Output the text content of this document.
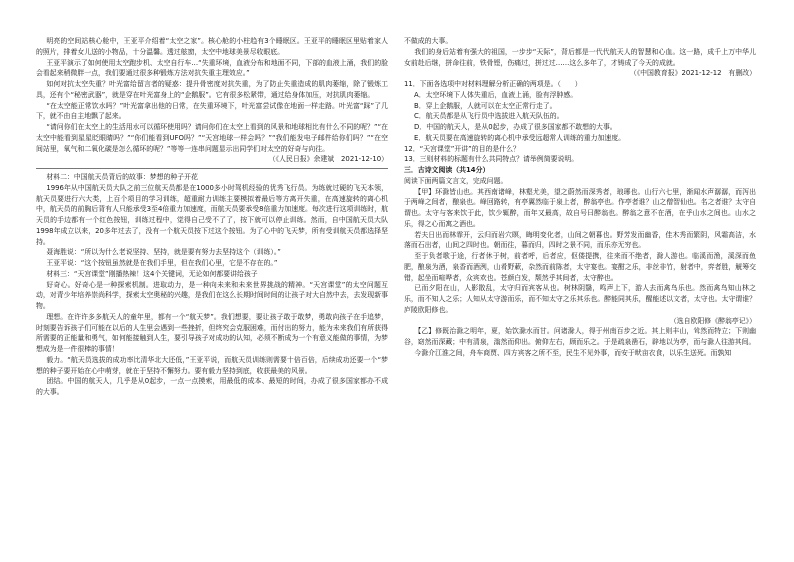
明亮的空间站核心舱中，王亚平介绍着“太空之家”。核心舱的小柱趋有3个睡眠区。王亚平的睡眠区里贴着家人的照片，排着女儿送的小物品，十分温馨。透过舷窗，太空中地球美景尽收眼底。

王亚平演示了如何使用太空跑步机、太空自行车…“失重环境，血液分布和地面不同，下部的血液上涌，我们的脸会看起来稍微胖一点，我们要通过很多种锻炼方法对抗失重主理效应。”

如何对抗太空失重？叶光富给留言者的疑惑：提升骨密度对抗失重，为了防止失重造成的肌肉萎缩，除了锻炼工具，还有个“秘密武器”，就是穿在叶光富身上的“企鹅服”。它有很多松紧带，通过给身体加压，对抗肌肉萎缩。

“在太空能正常饮水吗？”叶光富拿出他的日常，在失重环境下，叶光富尝试像在地面一样走路。叶光富“踩”了几下，就不由自主地飘了起来。

“请问你们在太空上的生活用水可以循环使用吗？请问你们在太空上看到的风景和地球相比有什么不同的呢？”“在太空中能看到星星眨眼睛吗？”“你们能看到UFO吗？”“天宫地球一样会吗？”“我们能发电子邮件给你们吗？”“在空间站里，氧气和二氧化碳是怎么循环的呢？”等等一连串问题显示出同学们对太空的好奇与向往。

（《人民日报》余建斌　2021-12-10）

材料二：中国航天员背后的故事：梦想的种子开花

1996年从中国航天员大队之前三位航天员都是在1000多小时驾机经验的优秀飞行员。为练就过硬的飞天本领，航天员要进行六大类，上百个项目的学习训练，超重耐力训练主要模拟着最后等方离开失重，在高速旋转的离心机中，航天员的前胸后背有人只能承受3至4倍重力加速度，而航天员要承受8倍重力加速度。每次进行这项训练时，航天员的手边都有一个红色按钮，训练过程中，觉得自己受不了了，按下就可以停止训练。然而，自中国航天员大队1998年成立以来，20多年过去了，没有一个航天员按下过这个按钮。为了心中的飞天梦，所有受训航天员都选择坚持。

聂海胜说：“所以为什么老说坚持、坚持，就是要有努力去坚持这个（训练）。”

王亚平说：“这个按钮虽然就是在我们手里，但在我们心里，它是不存在的。”

材料三：“天宫课堂”刚播热辣！这4个关键词，无论如何都要讲给孩子

好奇心。好奇心是一种探索机制。进取动力，是一种向未来和未来世界挑战的精神。“天宫课堂”的太空问题互动，对青少年培养崇尚科学，探索太空奥秘的兴趣，是我们在这么长期时间时间的让孩子对大自然中去，去发现新事物。

理想。在许许多多航天人的童年里，都有一个“航天梦”。我们想要，要让孩子敢于敢梦，勇敢向孩子在手追梦，时刻要告诉孩子们可能在以后的人生里会遇到一些挫折，但终究会克服困难，而付出的努力，能为未来我们有所获得所需要的正能量和勇气，如何能接触到人生，要引导孩子对成功的认知，必须不断成为一个有意义能做的事情，为梦想成为是一件很棒的事情！

毅力。“航天员选拔的成功率比清华北大还低，”王亚平说，而航天员训练则需要十倍百倍，后续成功还要一个“梦想的种子要开始在心中萌芽，就在于坚持不懈努力。要有毅力坚持到底，收获最美的风景。

团结。中国的航天人，几乎是从0起步，一点一点摸索，用最低的成本、最短的时间，办成了很多国家都办不成的大事。

不做成的大事。

我们的身后站着有强大的祖国，一步步“天际”，背后都是一代代航天人的智慧和心血。这一路，成千上万中华儿女前赴后继，拼命往前，铁骨铿，伤痛过，拼过过……这么多年了，才铸成了今天的成就。

（《中国教育报》2021-12-12　有删改）

11．下面各选项中对材料理解分析正确的两项是。（　　）

A．太空环境下人体失重后，血液上涌，脸有浮肿感。

B．穿上企鹅服，人就可以在太空正常行走了。

C．航天员都是从飞行员中选拔进入航天队伍的。

D．中国的航天人，是从0起步，办成了很多国家都不敢想的大事。

E．航天员要在高速旋转的离心机中承受远超常人训练的重力加速度。

12．“天宫课堂”开讲”的目的是什么？

13．三则材料的标题有什么共同特点？请举例简要说明。

三．古诗文阅读（共14分）

阅读下面两篇文言文，完成问题。

【甲】环滁皆山也。其西南诸峰，林壑尤美，望之蔚然而深秀者，琅琊也。山行六七里，渐闻水声潺潺，而泻出于两峰之间者，酿泉也。峰回路转，有亭翼然临于泉上者，醉翁亭也。作亭者谁？山之僧智仙也。名之者谁？太守自谓也。太守与客来饮于此，饮少辄醉，而年又最高，故自号曰醉翁也。醉翁之意不在酒，在乎山水之间也。山水之乐，得之心而寓之酒也。

若夫日出而林霏开，云归而岩穴暝，晦明变化者，山间之朝暮也。野芳发而幽香，佳木秀而繁阴，风霜高洁，水落而石出者，山间之四时也。朝而往，暮而归，四时之景不同，而乐亦无穷也。

至于负者歌于途，行者休于树，前者呼，后者应，伛偻提携，往来而不绝者，滁人游也。临溪而渔，溪深而鱼肥，酿泉为酒，泉香而酒洌，山肴野蔌，杂然而前陈者，太守宴也。宴酣之乐，非丝非竹，射者中，弈者胜，觥筹交错，起坐而喧哗者，众宾欢也。苍颜白发，颓然乎其间者，太守醉也。

已而夕阳在山，人影散乱，太守归而宾客从也。树林阴翳，鸣声上下，游人去而禽鸟乐也。然而禽鸟知山林之乐，而不知人之乐；人知从太守游而乐，而不知太守之乐其乐也。醉能同其乐，醒能述以文者，太守也。太守谓谁？庐陵欧阳修也。

（选自欧阳修《醉翁亭记》）

【乙】修既治滁之明年，夏，始饮滁水而甘。问诸滁人，得于州南百步之近。其上则丰山，耸然而特立；下则幽谷，窈然而深藏；中有清泉，滃然而仰出。俯仰左右，顾而乐之。于是疏泉凿石，辟地以为亭，而与滁人往游其间。

今滁介江淮之间，舟车商贾、四方宾客之所不至，民生不见外事，而安于畎亩衣食，以乐生送死。而孰知
